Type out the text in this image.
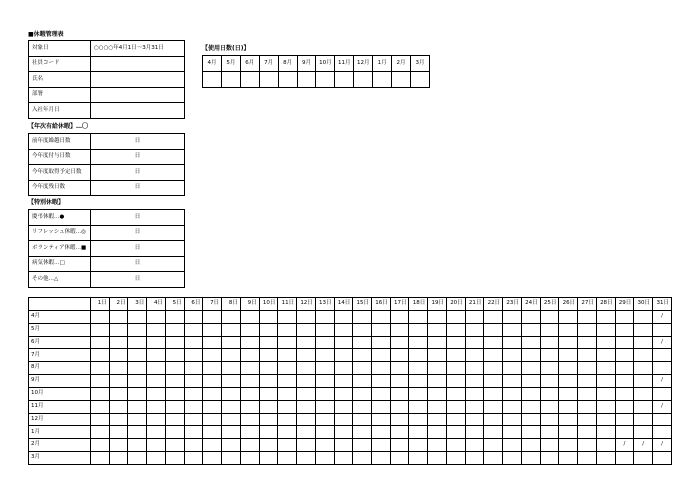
■休暇管理表
対象日	○○○○年4月1日～3月31日
社員コード	
氏名	
部署	
入社年月日	
【使用日数(日)】
4月	5月	6月	7月	8月	9月	10月	11月	12月	1月	2月	3月

【年次有給休暇】…〇
前年度繰越日数	日
今年度付与日数	日
今年度取得予定日数	日
今年度残日数	日
【特別休暇】
慶弔休暇…●	日
リフレッシュ休暇…◎	日
ボランティア休暇…■	日
病気休暇…□	日
その他…△	日
	1日	2日	3日	4日	5日	6日	7日	8日	9日	10日	11日	12日	13日	14日	15日	16日	17日	18日	19日	20日	21日	22日	23日	24日	25日	26日	27日	28日	29日	30日	31日
4月																															/
5月																															
6月																															/
7月																															
8月																															
9月																															/
10月																															
11月																															/
12月																															
1月																															
2月																													/	/	/
3月																															
